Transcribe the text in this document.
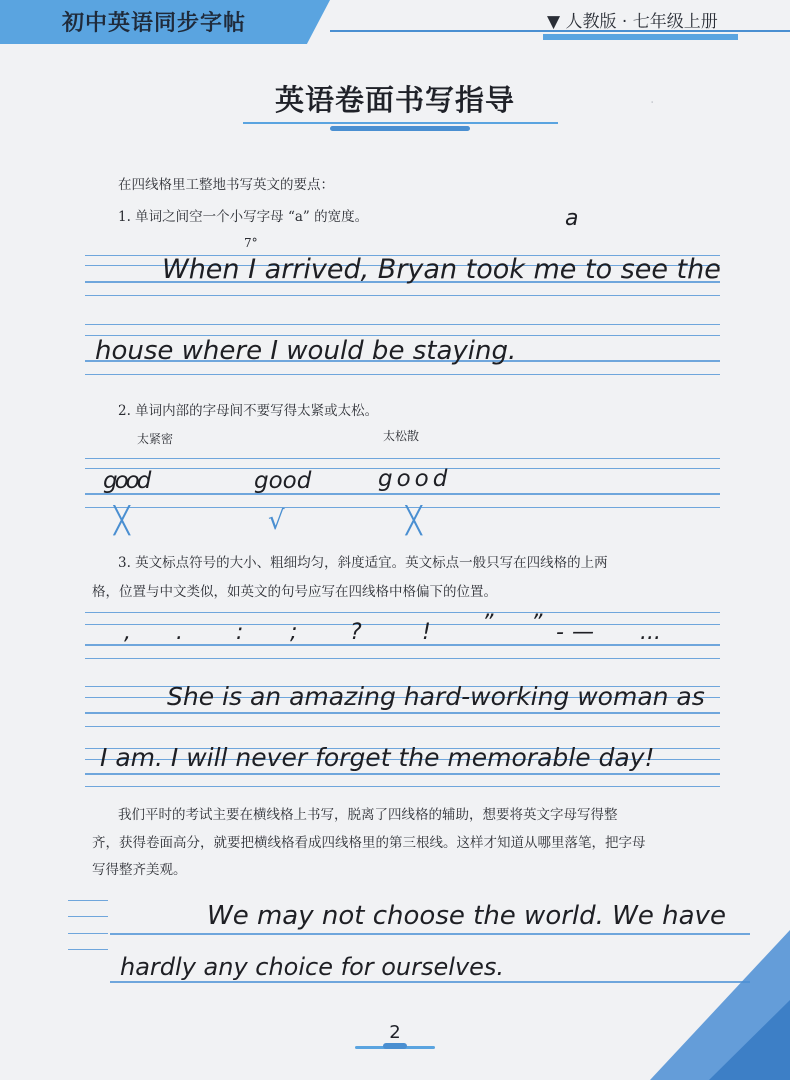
初中英语同步字帖	▼ 人教版 · 七年级上册
·
英语卷面书写指导
在四线格里工整地书写英文的要点：
1. 单词之间空一个小写字母 “a” 的宽度。	a
7°
When I arrived, Bryan took me to see the
house where I would be staying.
2. 单词内部的字母间不要写得太紧或太松。
太紧密	太松散
good	good	good
╳	√	╳
3. 英文标点符号的大小、粗细均匀，斜度适宜。英文标点一般只写在四线格的上两
格，位置与中文类似，如英文的句号应写在四线格中格偏下的位置。
, . : ; ?	! ” ” - — ...
She is an amazing hard-working woman as
I am. I will never forget the memorable day!
我们平时的考试主要在横线格上书写，脱离了四线格的辅助，想要将英文字母写得整
齐，获得卷面高分，就要把横线格看成四线格里的第三根线。这样才知道从哪里落笔，把字母
写得整齐美观。
We may not choose the world. We have
hardly any choice for ourselves.
2
